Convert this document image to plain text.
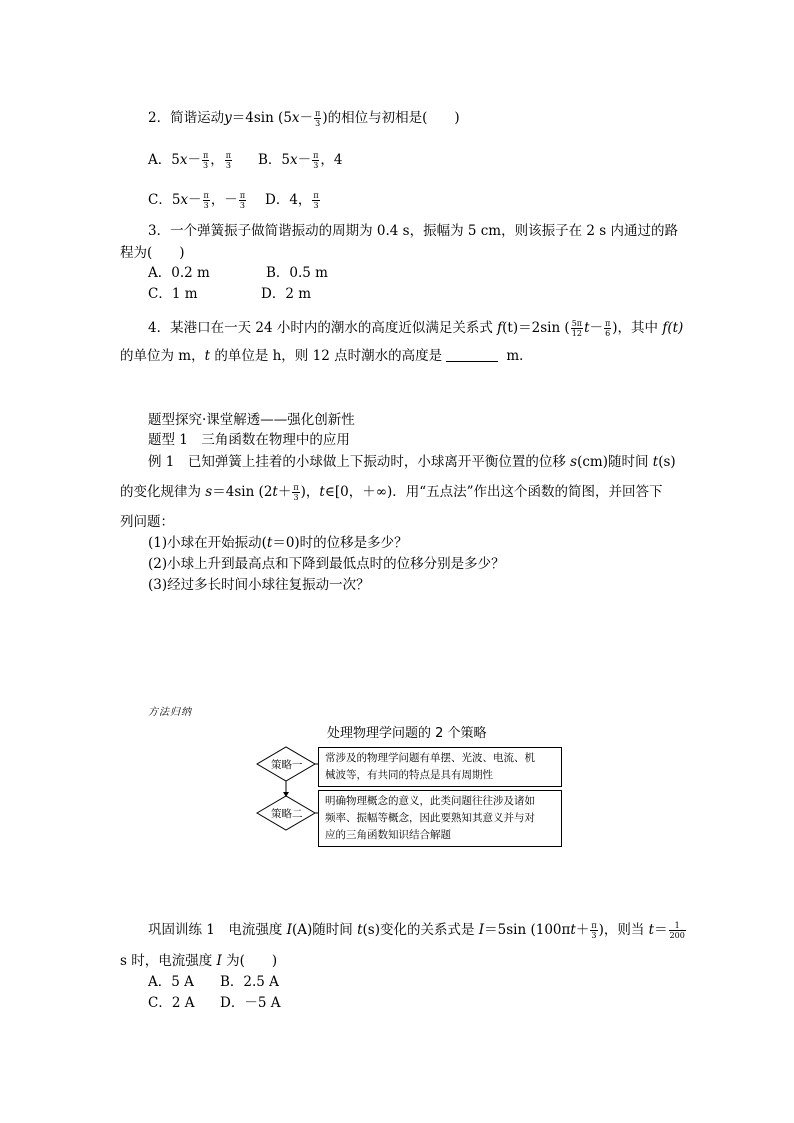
2．简谐运动y＝4sin ($5x- \frac{\pi}{3}$ )的相位与初相是(　　)
A．$5x- \frac{\pi}{3}$ ， $\frac{\pi}{3}$ B．$5x- \frac{\pi}{3}$ ，4
C．$5x- \frac{\pi}{3}$ ，－ $\frac{\pi}{3}$ D．4， $\frac{\pi}{3}$
3．一个弹簧振子做简谐振动的周期为 0.4 s，振幅为 5 cm，则该振子在 2 s 内通过的路
程为(　　)
A．0.2 m	B．0.5 m
C．1 m	D．2 m
4．某港口在一天 24 小时内的潮水的高度近似满足关系式 f(t)＝2sin ( $\frac{5\pi}{12} t- \frac{\pi}{6}$ )，其中 f(t)
的单位为 m，t 的单位是 h，则 12 点时潮水的高度是	m．
题型探究·课堂解透——强化创新性
题型 1　三角函数在物理中的应用
例 1　已知弹簧上挂着的小球做上下振动时，小球离开平衡位置的位移 s(cm)随时间 t(s)
的变化规律为 s＝4sin ($2t+ \frac{\pi}{3}$ )，t∈[0，＋∞)．用“五点法”作出这个函数的简图，并回答下
列问题：
(1)小球在开始振动(t＝0)时的位移是多少？
(2)小球上升到最高点和下降到最低点时的位移分别是多少？
(3)经过多长时间小球往复振动一次？
方法归纳
处理物理学问题的 2 个策略
策略一
策略二
常涉及的物理学问题有单摆、光波、电流、机
械波等，有共同的特点是具有周期性
明确物理概念的意义，此类问题往往涉及诸如
频率、振幅等概念，因此要熟知其意义并与对
应的三角函数知识结合解题
巩固训练 1　电流强度 I(A)随时间 t(s)变化的关系式是 I＝5sin ($100\pi t+ \frac{\pi}{3}$ )，则当 $t= \frac{1}{200}$
s 时，电流强度 I 为(　　)
A．5 A B．2.5 A
C．2 A D．－5 A
